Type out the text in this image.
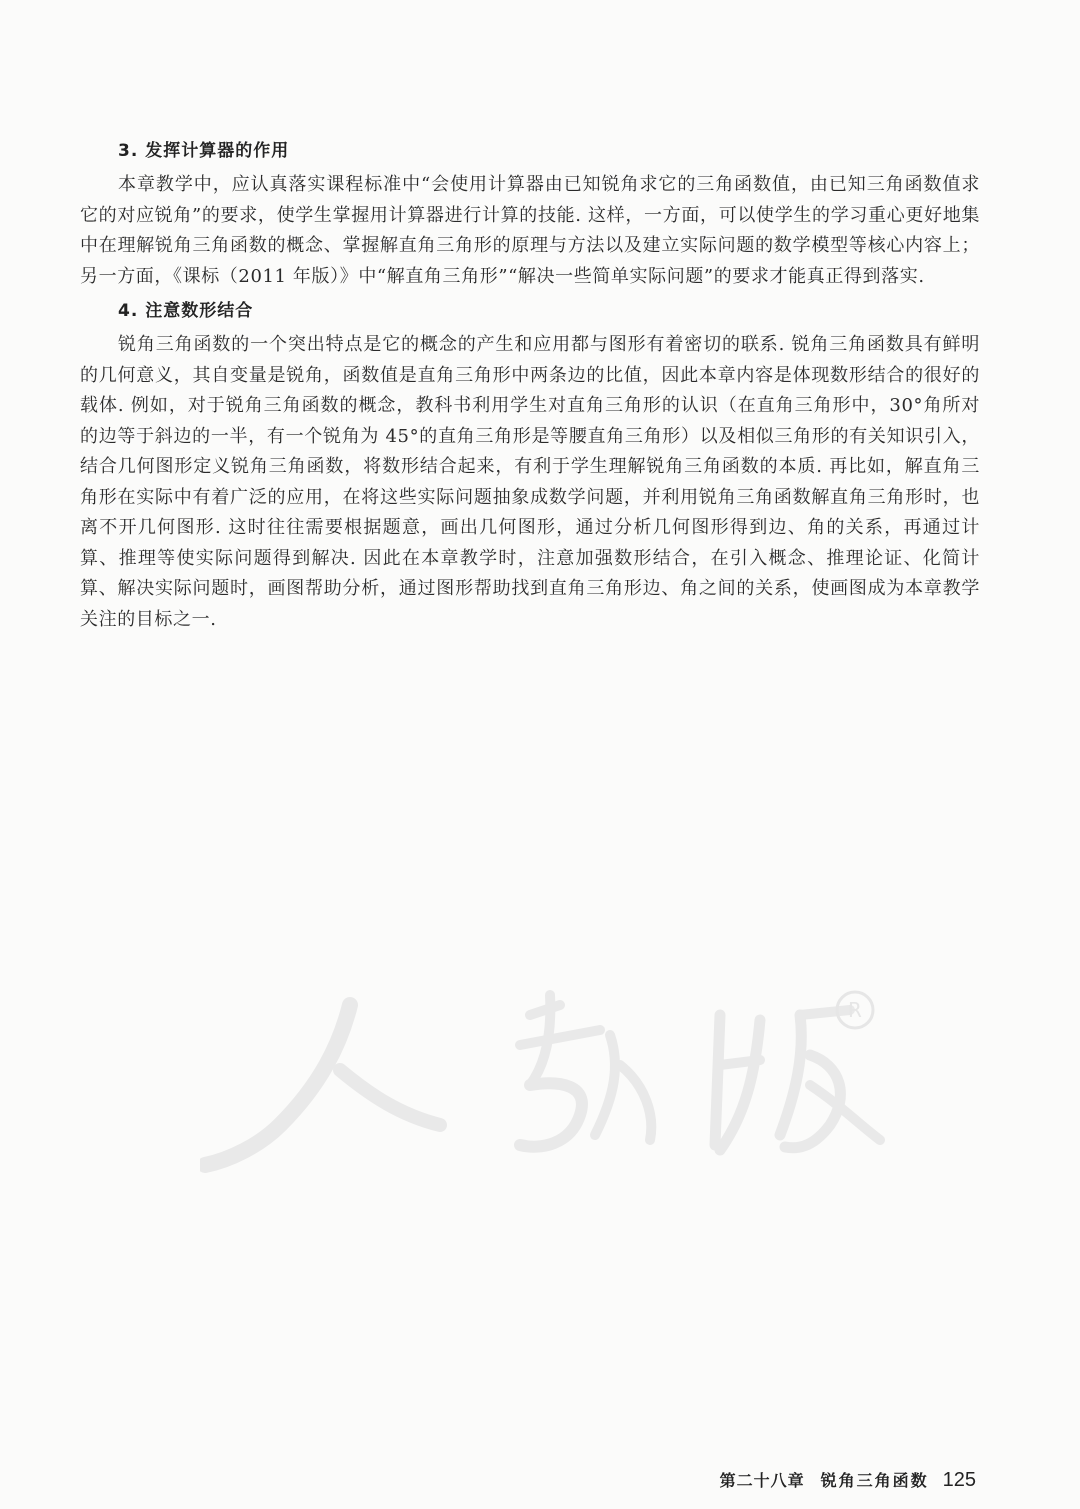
3. 发挥计算器的作用

本章教学中，应认真落实课程标准中“会使用计算器由已知锐角求它的三角函数值，由已知三角函数值求它的对应锐角”的要求，使学生掌握用计算器进行计算的技能. 这样，一方面，可以使学生的学习重心更好地集中在理解锐角三角函数的概念、掌握解直角三角形的原理与方法以及建立实际问题的数学模型等核心内容上；另一方面，《课标（2011 年版）》中“解直角三角形”“解决一些简单实际问题”的要求才能真正得到落实.

4. 注意数形结合

锐角三角函数的一个突出特点是它的概念的产生和应用都与图形有着密切的联系. 锐角三角函数具有鲜明的几何意义，其自变量是锐角，函数值是直角三角形中两条边的比值，因此本章内容是体现数形结合的很好的载体. 例如，对于锐角三角函数的概念，教科书利用学生对直角三角形的认识（在直角三角形中，30°角所对的边等于斜边的一半，有一个锐角为 45°的直角三角形是等腰直角三角形）以及相似三角形的有关知识引入，结合几何图形定义锐角三角函数，将数形结合起来，有利于学生理解锐角三角函数的本质. 再比如，解直角三角形在实际中有着广泛的应用，在将这些实际问题抽象成数学问题，并利用锐角三角函数解直角三角形时，也离不开几何图形. 这时往往需要根据题意，画出几何图形，通过分析几何图形得到边、角的关系，再通过计算、推理等使实际问题得到解决. 因此在本章教学时，注意加强数形结合，在引入概念、推理论证、化简计算、解决实际问题时，画图帮助分析，通过图形帮助找到直角三角形边、角之间的关系，使画图成为本章教学关注的目标之一.

R
第二十八章 锐角三角函数 125
